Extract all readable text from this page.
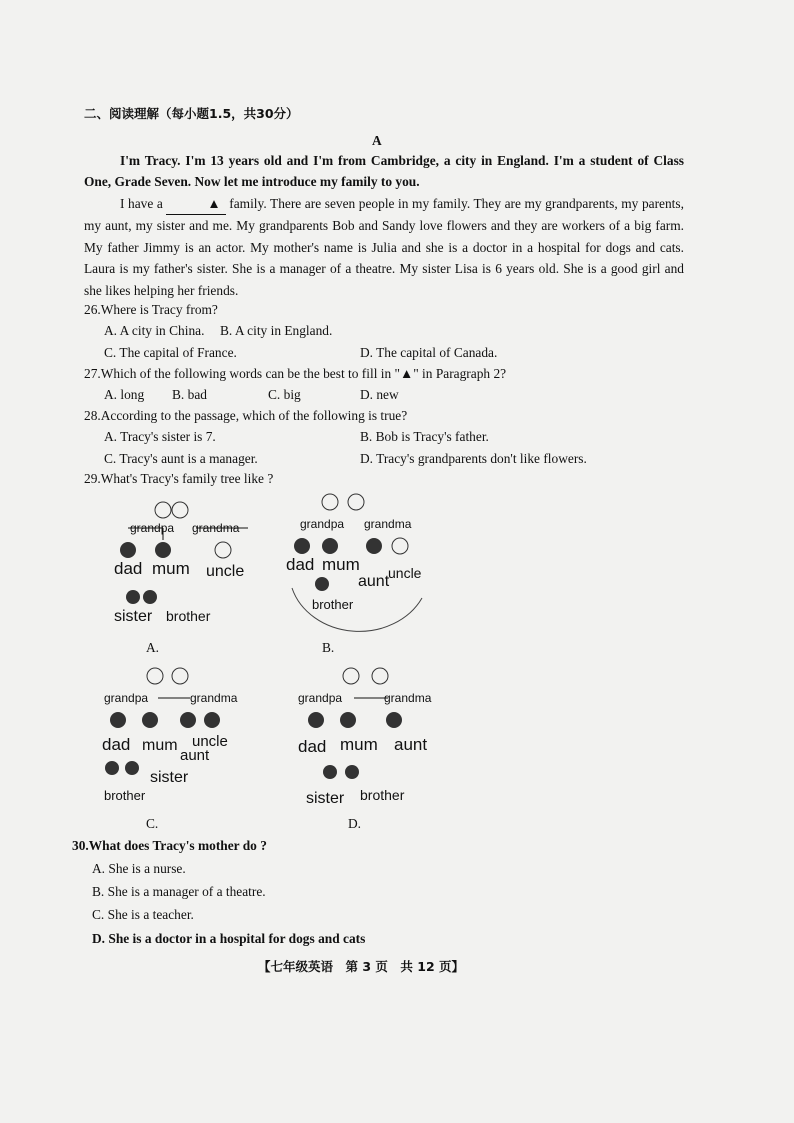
二、阅读理解（每小题1.5，共30分）
A
I'm Tracy. I'm 13 years old and I'm from Cambridge, a city in England. I'm a student of Class One, Grade Seven. Now let me introduce my family to you.
I have a	▲ family. There are seven people in my family. They are my grandparents, my parents, my aunt, my sister and me. My grandparents Bob and Sandy love flowers and they are workers of a big farm. My father Jimmy is an actor. My mother's name is Julia and she is a doctor in a hospital for dogs and cats. Laura is my father's sister. She is a manager of a theatre. My sister Lisa is 6 years old. She is a good girl and she likes helping her friends.
26.Where is Tracy from?
A. A city in China. B. A city in England.
C. The capital of France.	D. The capital of Canada.
27.Which of the following words can be the best to fill in "▲" in Paragraph 2?
A. long B. bad	C. big	D. new
28.According to the passage, which of the following is true?
A. Tracy's sister is 7.	B. Bob is Tracy's father.
C. Tracy's aunt is a manager.	D. Tracy's grandparents don't like flowers.
29.What's Tracy's family tree like ?
grandpa grandma
dad mum uncle
sister brother
A.
grandpa grandma
dad mum
aunt
uncle
brother
B.
grandpa	grandma
dad mum uncle
aunt
sister
brother
C.
grandpa	grandma
dad mum aunt
sister brother
D.
30.What does Tracy's mother do ?
A. She is a nurse.
B. She is a manager of a theatre.
C. She is a teacher.
D. She is a doctor in a hospital for dogs and cats
【七年级英语　第 3 页　共 12 页】
